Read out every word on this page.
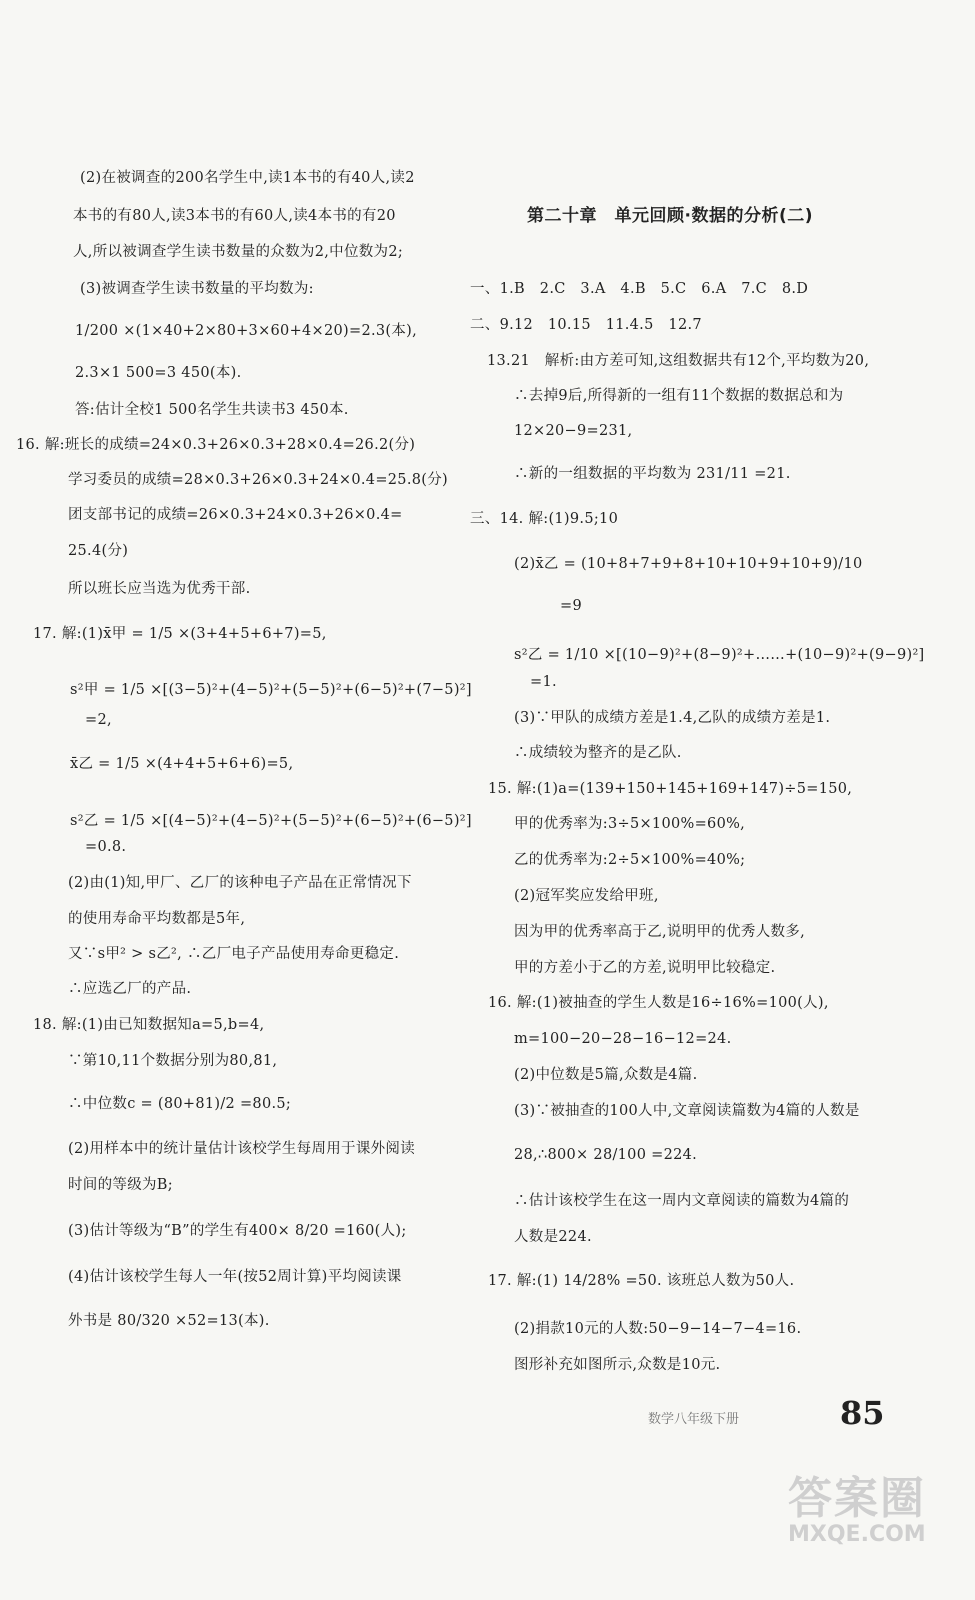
(2)在被调查的200名学生中,读1本书的有40人,读2
本书的有80人,读3本书的有60人,读4本书的有20
人,所以被调查学生读书数量的众数为2,中位数为2;
(3)被调查学生读书数量的平均数为:
1/200 ×(1×40+2×80+3×60+4×20)=2.3(本),
2.3×1 500=3 450(本).
答:估计全校1 500名学生共读书3 450本.
16. 解:班长的成绩=24×0.3+26×0.3+28×0.4=26.2(分)
学习委员的成绩=28×0.3+26×0.3+24×0.4=25.8(分)
团支部书记的成绩=26×0.3+24×0.3+26×0.4=
25.4(分)
所以班长应当选为优秀干部.
17. 解:(1)x̄甲 = 1/5 ×(3+4+5+6+7)=5,
s²甲 = 1/5 ×[(3−5)²+(4−5)²+(5−5)²+(6−5)²+(7−5)²]
=2,
x̄乙 = 1/5 ×(4+4+5+6+6)=5,
s²乙 = 1/5 ×[(4−5)²+(4−5)²+(5−5)²+(6−5)²+(6−5)²]
=0.8.
(2)由(1)知,甲厂、乙厂的该种电子产品在正常情况下
的使用寿命平均数都是5年,
又∵s甲² > s乙², ∴乙厂电子产品使用寿命更稳定.
∴应选乙厂的产品.
18. 解:(1)由已知数据知a=5,b=4,
∵第10,11个数据分别为80,81,
∴中位数c = (80+81)/2 =80.5;
(2)用样本中的统计量估计该校学生每周用于课外阅读
时间的等级为B;
(3)估计等级为“B”的学生有400× 8/20 =160(人);
(4)估计该校学生每人一年(按52周计算)平均阅读课
外书是 80/320 ×52=13(本).
第二十章　单元回顾·数据的分析(二)
一、1.B　2.C　3.A　4.B　5.C　6.A　7.C　8.D
二、9.12　10.15　11.4.5　12.7
13.21　解析:由方差可知,这组数据共有12个,平均数为20,
∴去掉9后,所得新的一组有11个数据的数据总和为
12×20−9=231,
∴新的一组数据的平均数为 231/11 =21.
三、14. 解:(1)9.5;10
(2)x̄乙 = (10+8+7+9+8+10+10+9+10+9)/10
=9
s²乙 = 1/10 ×[(10−9)²+(8−9)²+……+(10−9)²+(9−9)²]
=1.
(3)∵甲队的成绩方差是1.4,乙队的成绩方差是1.
∴成绩较为整齐的是乙队.
15. 解:(1)a=(139+150+145+169+147)÷5=150,
甲的优秀率为:3÷5×100%=60%,
乙的优秀率为:2÷5×100%=40%;
(2)冠军奖应发给甲班,
因为甲的优秀率高于乙,说明甲的优秀人数多,
甲的方差小于乙的方差,说明甲比较稳定.
16. 解:(1)被抽查的学生人数是16÷16%=100(人),
m=100−20−28−16−12=24.
(2)中位数是5篇,众数是4篇.
(3)∵被抽查的100人中,文章阅读篇数为4篇的人数是
28,∴800× 28/100 =224.
∴估计该校学生在这一周内文章阅读的篇数为4篇的
人数是224.
17. 解:(1) 14/28% =50. 该班总人数为50人.
(2)捐款10元的人数:50−9−14−7−4=16.
图形补充如图所示,众数是10元.
数学八年级下册	85
答案圈
MXQE.COM
